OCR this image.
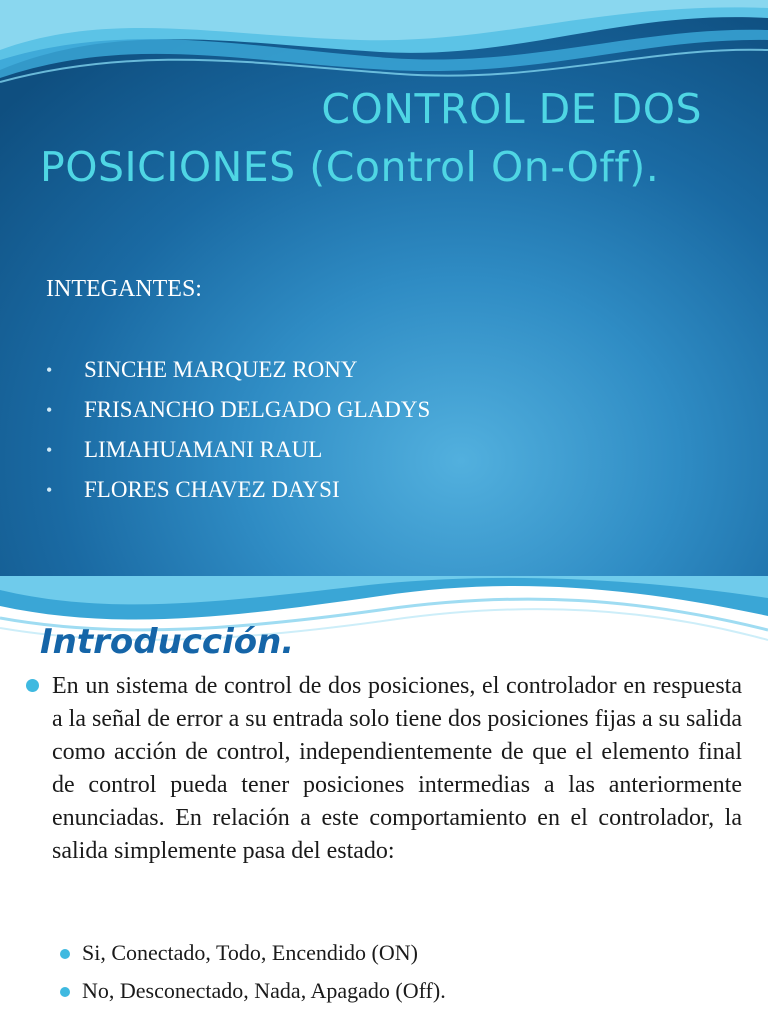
CONTROL DE DOS
POSICIONES (Control On-Off).
INTEGANTES:
• SINCHE MARQUEZ RONY
• FRISANCHO DELGADO GLADYS
• LIMAHUAMANI RAUL
• FLORES CHAVEZ DAYSI
Introducción.
En un sistema de control de dos posiciones, el controlador en respuesta a la señal de error a su entrada solo tiene dos posiciones fijas a su salida como acción de control, independientemente de que el elemento final de control pueda tener posiciones intermedias a las anteriormente enunciadas. En relación a este comportamiento en el controlador, la salida simplemente pasa del estado:
Si, Conectado, Todo, Encendido (ON)
No, Desconectado, Nada, Apagado (Off).
